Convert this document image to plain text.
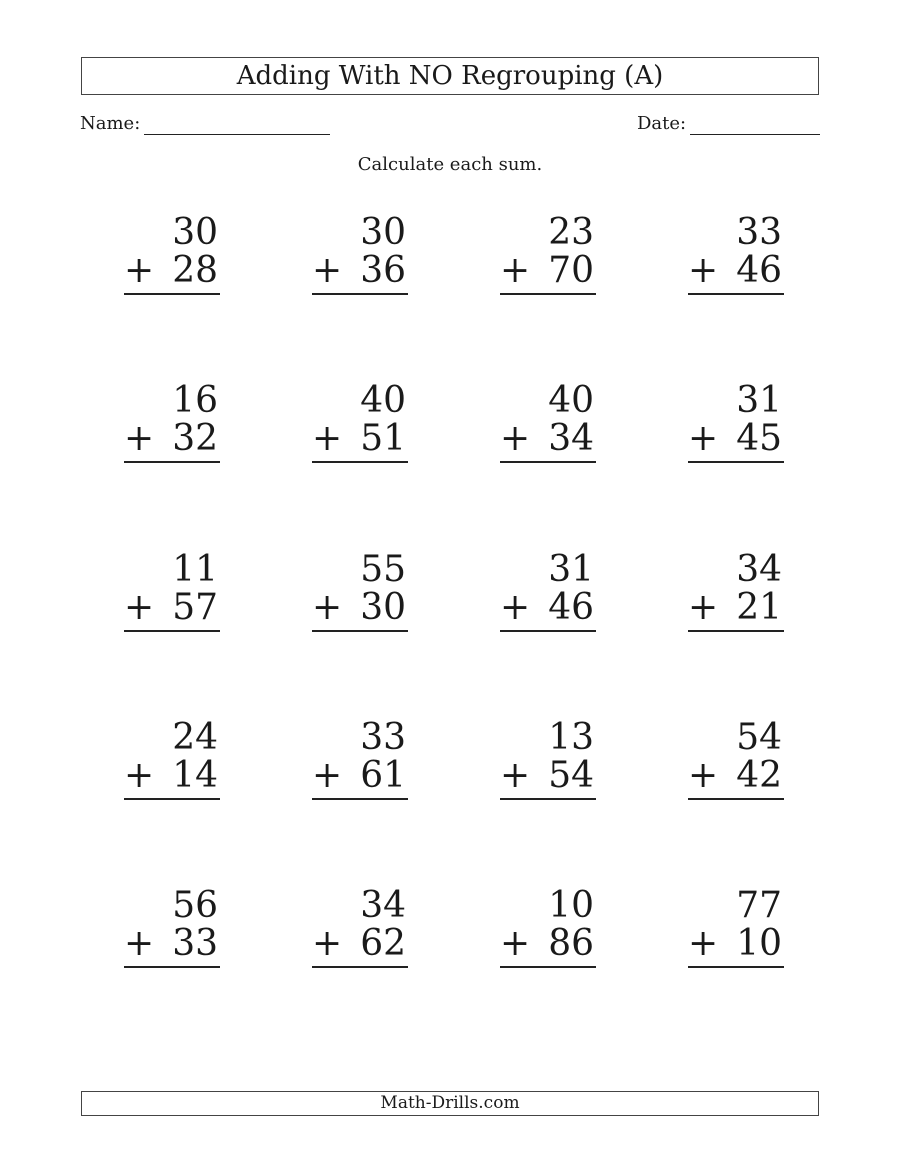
Adding With NO Regrouping (A)
Name:	Date:
Calculate each sum.
30
+ 28
30
+ 36
23
+ 70
33
+ 46
16
+ 32
40
+ 51
40
+ 34
31
+ 45
11
+ 57
55
+ 30
31
+ 46
34
+ 21
24
+ 14
33
+ 61
13
+ 54
54
+ 42
56
+ 33
34
+ 62
10
+ 86
77
+ 10
Math-Drills.com
